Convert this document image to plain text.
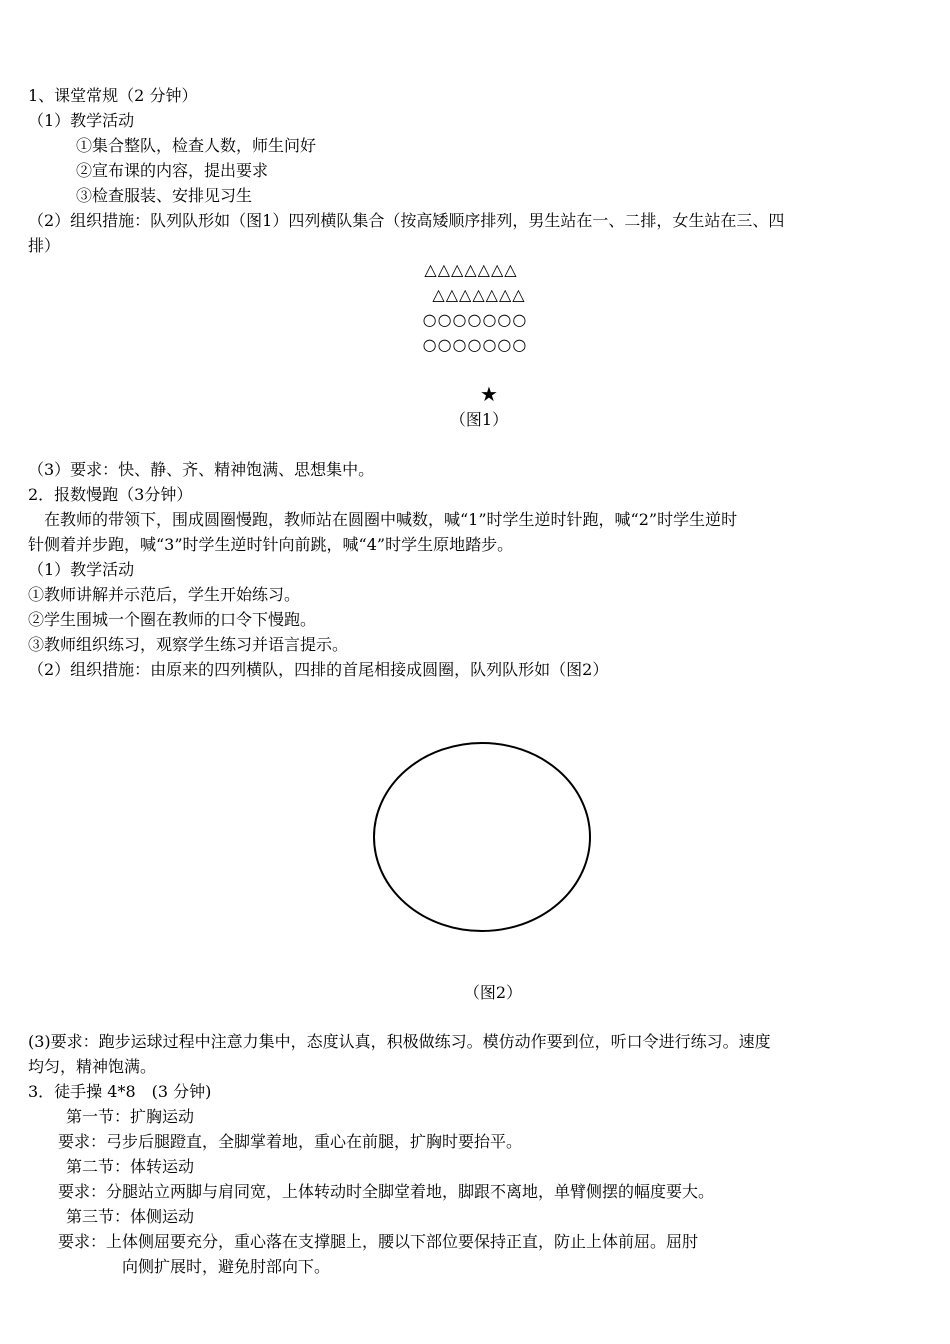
1、课堂常规（2 分钟）
（1）教学活动
①集合整队，检查人数，师生问好
②宣布课的内容，提出要求
③检查服装、安排见习生
（2）组织措施：队列队形如（图1）四列横队集合（按高矮顺序排列，男生站在一、二排，女生站在三、四
排）
△△△△△△△
△△△△△△△
○○○○○○○
○○○○○○○
★
（图1）
（3）要求：快、静、齐、精神饱满、思想集中。
2．报数慢跑（3分钟）
　在教师的带领下，围成圆圈慢跑，教师站在圆圈中喊数，喊“1”时学生逆时针跑，喊“2”时学生逆时
针侧着并步跑，喊“3”时学生逆时针向前跳，喊“4”时学生原地踏步。
（1）教学活动
①教师讲解并示范后，学生开始练习。
②学生围城一个圈在教师的口令下慢跑。
③教师组织练习，观察学生练习并语言提示。
（2）组织措施：由原来的四列横队，四排的首尾相接成圆圈，队列队形如（图2）
（图2）
(3)要求：跑步运球过程中注意力集中，态度认真，积极做练习。模仿动作要到位，听口令进行练习。速度
均匀，精神饱满。
3．徒手操 4*8　(3 分钟)
第一节：扩胸运动
要求：弓步后腿蹬直，全脚掌着地，重心在前腿，扩胸时要抬平。
第二节：体转运动
要求：分腿站立两脚与肩同宽，上体转动时全脚堂着地，脚跟不离地，单臂侧摆的幅度要大。
第三节：体侧运动
要求：上体侧屈要充分，重心落在支撑腿上，腰以下部位要保持正直，防止上体前屈。屈肘
向侧扩展时，避免肘部向下。
